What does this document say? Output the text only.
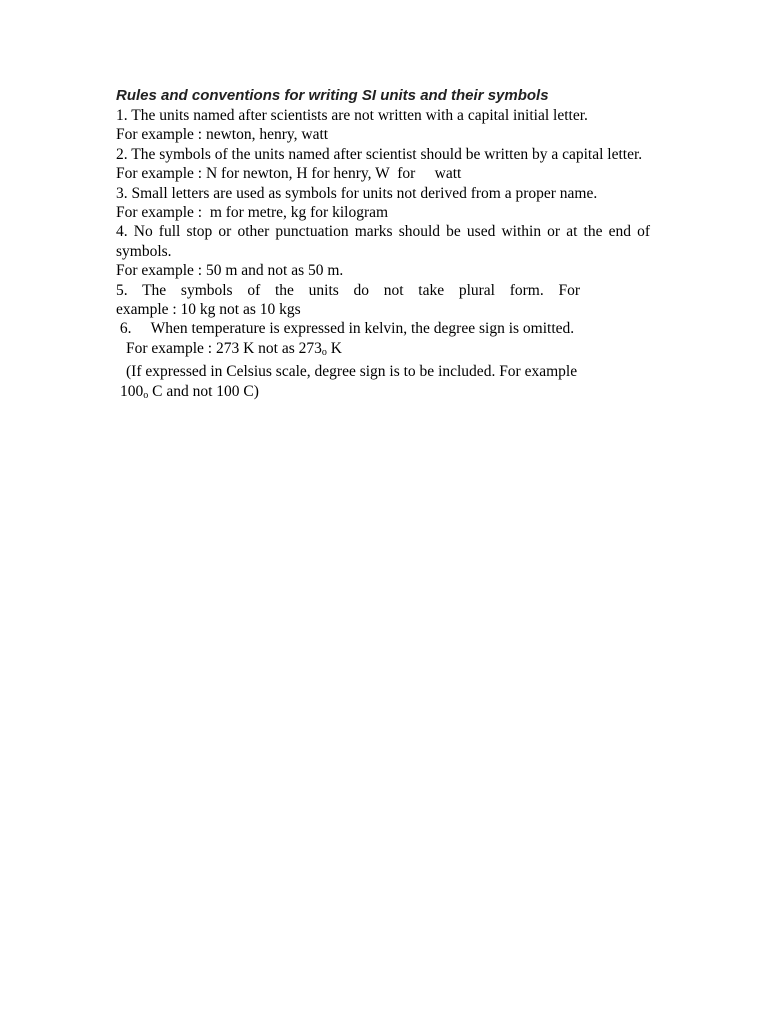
Rules and conventions for writing SI units and their symbols

1. The units named after scientists are not written with a capital initial letter.

For example : newton, henry, watt

2. The symbols of the units named after scientist should be written by a capital letter.

For example : N for newton, H for henry, W  for     watt

3. Small letters are used as symbols for units not derived from a proper name.

For example :  m for metre, kg for kilogram

4. No full stop or other punctuation marks should be used within or at the end of symbols.

For example : 50 m and not as 50 m.

5. The symbols of the units do not take plural form. For

example : 10 kg not as 10 kgs

6.     When temperature is expressed in kelvin, the degree sign is omitted.

For example : 273 K not as $273_o$ K

(If expressed in Celsius scale, degree sign is to be included. For example

$100_o$ C and not 100 C)
